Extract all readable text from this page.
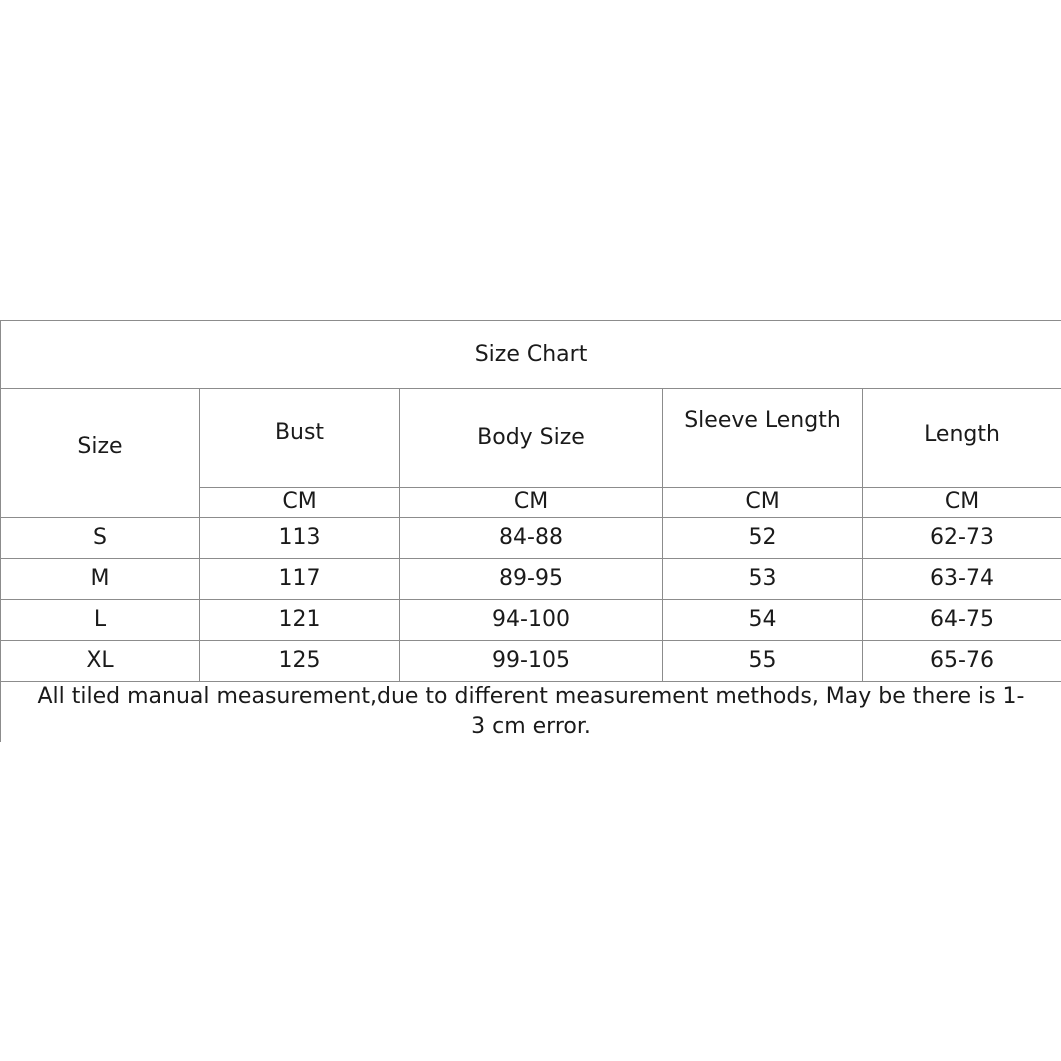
Size Chart				
Size	Bust	Body Size	Sleeve Length	Length
	CM	CM	CM	CM
S	113	84-88	52	62-73
M	117	89-95	53	63-74
L	121	94-100	54	64-75
XL	125	99-105	55	65-76
All tiled manual measurement,due to different measurement methods, May be there is 1-
3 cm error.
